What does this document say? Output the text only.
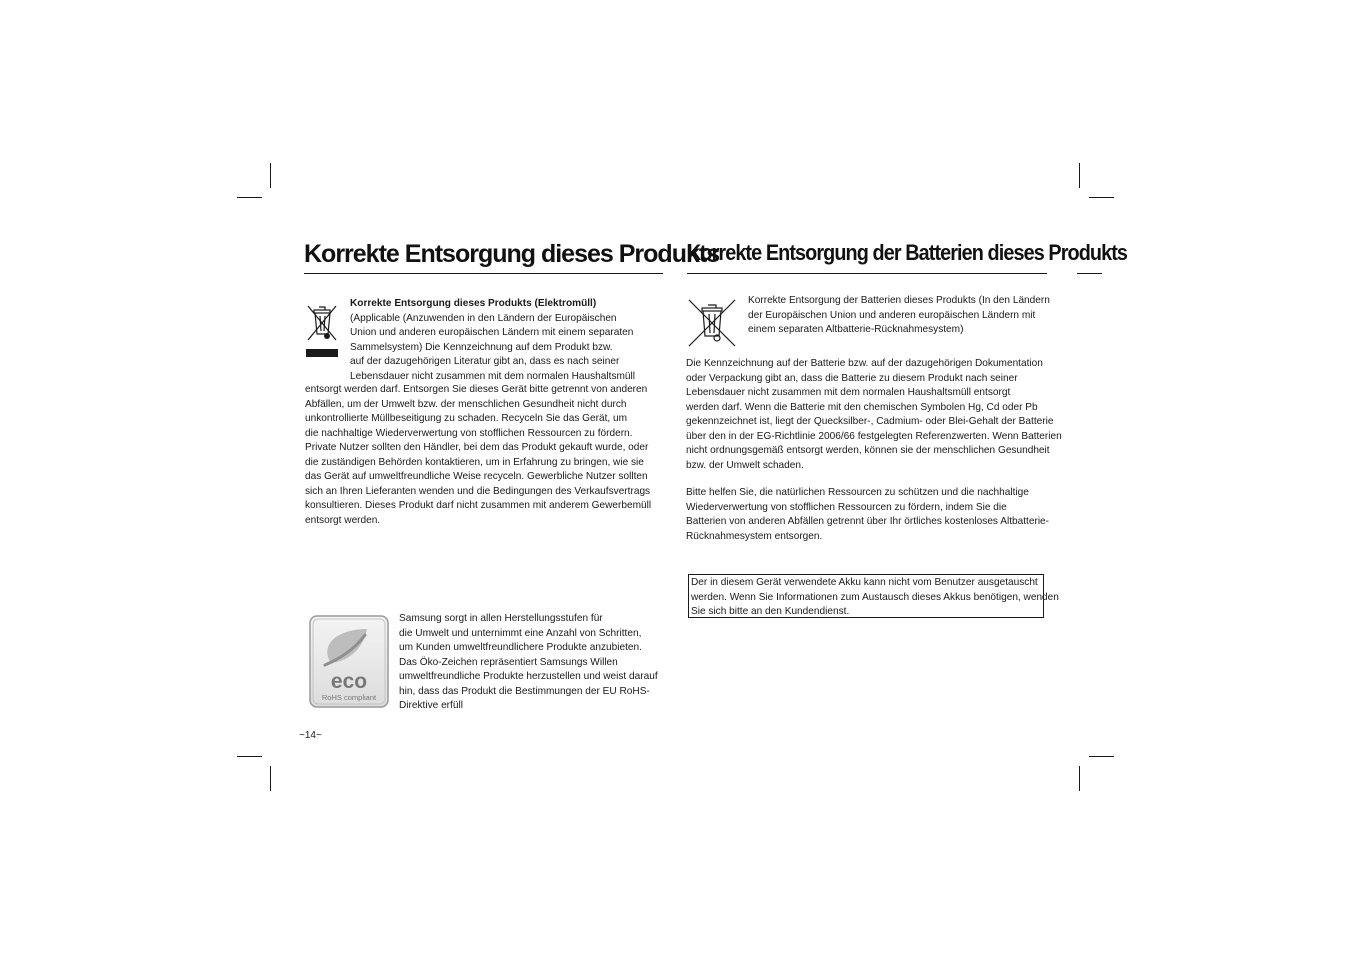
Korrekte Entsorgung dieses Produkts
Korrekte Entsorgung der Batterien dieses Produkts
Korrekte Entsorgung dieses Produkts (Elektromüll)
(Applicable (Anzuwenden in den Ländern der Europäischen
Union und anderen europäischen Ländern mit einem separaten
Sammelsystem) Die Kennzeichnung auf dem Produkt bzw.
auf der dazugehörigen Literatur gibt an, dass es nach seiner
Lebensdauer nicht zusammen mit dem normalen Haushaltsmüll
entsorgt werden darf. Entsorgen Sie dieses Gerät bitte getrennt von anderen
Abfällen, um der Umwelt bzw. der menschlichen Gesundheit nicht durch
unkontrollierte Müllbeseitigung zu schaden. Recyceln Sie das Gerät, um
die nachhaltige Wiederverwertung von stofflichen Ressourcen zu fördern.
Private Nutzer sollten den Händler, bei dem das Produkt gekauft wurde, oder
die zuständigen Behörden kontaktieren, um in Erfahrung zu bringen, wie sie
das Gerät auf umweltfreundliche Weise recyceln. Gewerbliche Nutzer sollten
sich an Ihren Lieferanten wenden und die Bedingungen des Verkaufsvertrags
konsultieren. Dieses Produkt darf nicht zusammen mit anderem Gewerbemüll
entsorgt werden.
eco
RoHS compliant
Samsung sorgt in allen Herstellungsstufen für
die Umwelt und unternimmt eine Anzahl von Schritten,
um Kunden umweltfreundlichere Produkte anzubieten.
Das Öko-Zeichen repräsentiert Samsungs Willen
umweltfreundliche Produkte herzustellen und weist darauf
hin, dass das Produkt die Bestimmungen der EU RoHS-
Direktive erfüll
~14~
Korrekte Entsorgung der Batterien dieses Produkts (In den Ländern
der Europäischen Union und anderen europäischen Ländern mit
einem separaten Altbatterie-Rücknahmesystem)
Die Kennzeichnung auf der Batterie bzw. auf der dazugehörigen Dokumentation
oder Verpackung gibt an, dass die Batterie zu diesem Produkt nach seiner
Lebensdauer nicht zusammen mit dem normalen Haushaltsmüll entsorgt
werden darf. Wenn die Batterie mit den chemischen Symbolen Hg, Cd oder Pb
gekennzeichnet ist, liegt der Quecksilber-, Cadmium- oder Blei-Gehalt der Batterie
über den in der EG-Richtlinie 2006/66 festgelegten Referenzwerten. Wenn Batterien
nicht ordnungsgemäß entsorgt werden, können sie der menschlichen Gesundheit
bzw. der Umwelt schaden.
Bitte helfen Sie, die natürlichen Ressourcen zu schützen und die nachhaltige
Wiederverwertung von stofflichen Ressourcen zu fördern, indem Sie die
Batterien von anderen Abfällen getrennt über Ihr örtliches kostenloses Altbatterie-
Rücknahmesystem entsorgen.
Der in diesem Gerät verwendete Akku kann nicht vom Benutzer ausgetauscht
werden. Wenn Sie Informationen zum Austausch dieses Akkus benötigen, wenden
Sie sich bitte an den Kundendienst.
